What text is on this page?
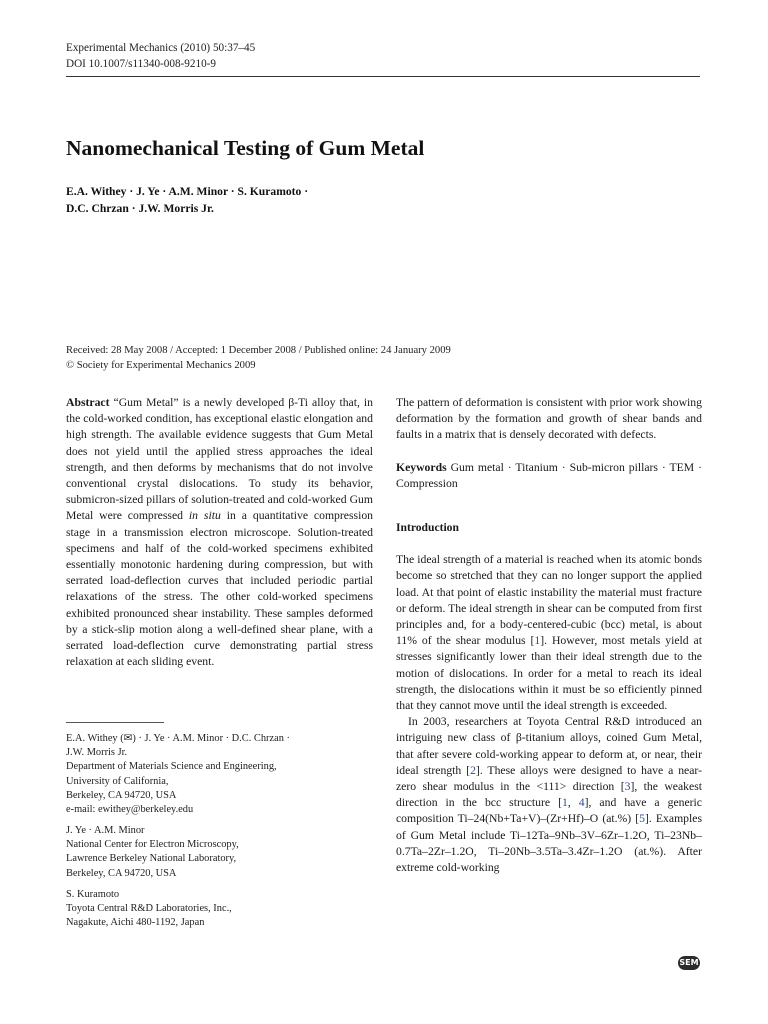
Experimental Mechanics (2010) 50:37–45
DOI 10.1007/s11340-008-9210-9
Nanomechanical Testing of Gum Metal
E.A. Withey · J. Ye · A.M. Minor · S. Kuramoto ·
D.C. Chrzan · J.W. Morris Jr.
Received: 28 May 2008 / Accepted: 1 December 2008 / Published online: 24 January 2009
© Society for Experimental Mechanics 2009

Abstract “Gum Metal” is a newly developed β-Ti alloy that, in the cold-worked condition, has exceptional elastic elongation and high strength. The available evidence suggests that Gum Metal does not yield until the applied stress approaches the ideal strength, and then deforms by mechanisms that do not involve conventional crystal dislocations. To study its behavior, submicron-sized pillars of solution-treated and cold-worked Gum Metal were compressed in situ in a quantitative compression stage in a transmission electron microscope. Solution-treated specimens and half of the cold-worked specimens exhibited essentially monotonic hardening during compression, but with serrated load-deflection curves that included periodic partial relaxations of the stress. The other cold-worked specimens exhibited pronounced shear instability. These samples deformed by a stick-slip motion along a well-defined shear plane, with a serrated load-deflection curve demonstrating partial stress relaxation at each sliding event.

The pattern of deformation is consistent with prior work showing deformation by the formation and growth of shear bands and faults in a matrix that is densely decorated with defects.

Keywords Gum metal · Titanium · Sub-micron pillars · TEM · Compression

Introduction

The ideal strength of a material is reached when its atomic bonds become so stretched that they can no longer support the applied load. At that point of elastic instability the material must fracture or deform. The ideal strength in shear can be computed from first principles and, for a body-centered-cubic (bcc) metal, is about 11% of the shear modulus [1]. However, most metals yield at stresses significantly lower than their ideal strength due to the motion of dislocations. In order for a metal to reach its ideal strength, the dislocations within it must be so efficiently pinned that they cannot move until the ideal strength is exceeded.

In 2003, researchers at Toyota Central R&D introduced an intriguing new class of β-titanium alloys, coined Gum Metal, that after severe cold-working appear to deform at, or near, their ideal strength [2]. These alloys were designed to have a near-zero shear modulus in the <111> direction [3], the weakest direction in the bcc structure [1, 4], and have a generic composition Ti–24(Nb+Ta+V)–(Zr+Hf)–O (at.%) [5]. Examples of Gum Metal include Ti–12Ta–9Nb–3V–6Zr–1.2O, Ti–23Nb–0.7Ta–2Zr–1.2O, Ti–20Nb–3.5Ta–3.4Zr–1.2O (at.%). After extreme cold-working

E.A. Withey (✉) · J. Ye · A.M. Minor · D.C. Chrzan ·
J.W. Morris Jr.
Department of Materials Science and Engineering,
University of California,
Berkeley, CA 94720, USA
e-mail: ewithey@berkeley.edu
J. Ye · A.M. Minor
National Center for Electron Microscopy,
Lawrence Berkeley National Laboratory,
Berkeley, CA 94720, USA
S. Kuramoto
Toyota Central R&D Laboratories, Inc.,
Nagakute, Aichi 480-1192, Japan
SEM
